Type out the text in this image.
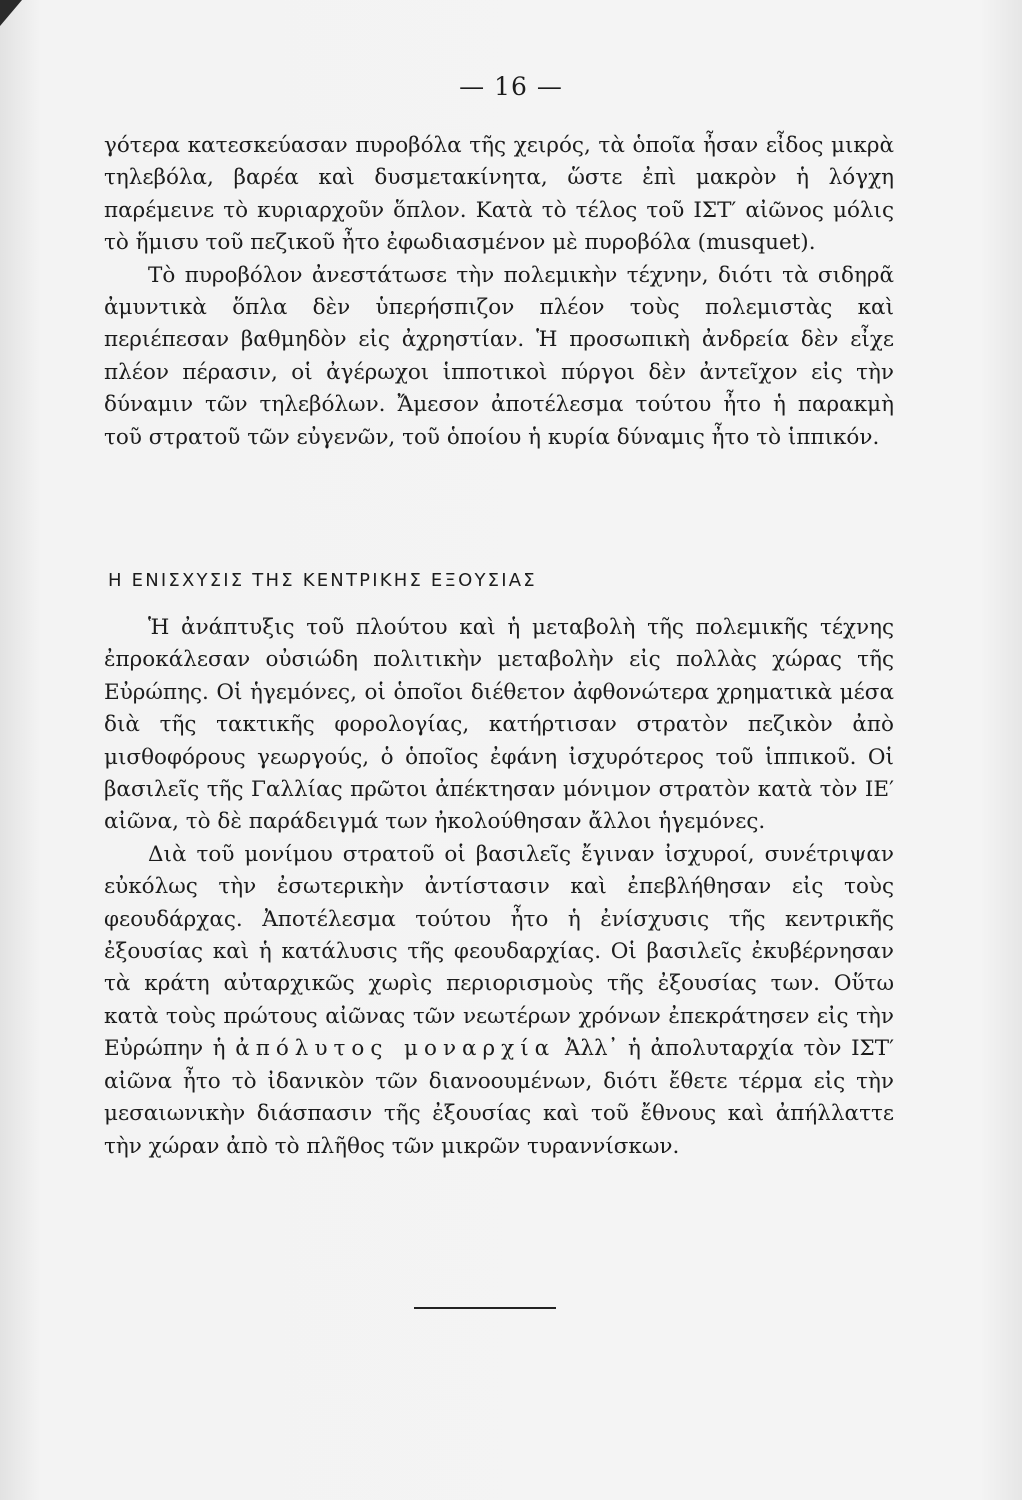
— 16 —

γότερα κατεσκεύασαν πυροβόλα τῆς χειρός, τὰ ὁποῖα ἦσαν εἶδος μικρὰ τηλεβόλα, βαρέα καὶ δυσμετακίνητα, ὥστε ἐπὶ μακρὸν ἡ λόγχη παρέμεινε τὸ κυριαρχοῦν ὅπλον. Κατὰ τὸ τέλος τοῦ ΙΣΤ′ αἰῶνος μόλις τὸ ἥμισυ τοῦ πεζικοῦ ἦτο ἐφωδιασμένον μὲ πυροβόλα (musquet).

Τὸ πυροβόλον ἀνεστάτωσε τὴν πολεμικὴν τέχνην, διότι τὰ σιδηρᾶ ἀμυντικὰ ὅπλα δὲν ὑπερήσπιζον πλέον τοὺς πολεμιστὰς καὶ περιέπεσαν βαθμηδὸν εἰς ἀχρηστίαν. Ἡ προσωπικὴ ἀνδρεία δὲν εἶχε πλέον πέρασιν, οἱ ἀγέρωχοι ἱπποτικοὶ πύργοι δὲν ἀντεῖχον εἰς τὴν δύναμιν τῶν τηλεβόλων. Ἄμεσον ἀποτέλεσμα τούτου ἦτο ἡ παρακμὴ τοῦ στρατοῦ τῶν εὐγενῶν, τοῦ ὁποίου ἡ κυρία δύναμις ἦτο τὸ ἱππικόν.

Η ΕΝΙΣΧΥΣΙΣ ΤΗΣ ΚΕΝΤΡΙΚΗΣ ΕΞΟΥΣΙΑΣ

Ἡ ἀνάπτυξις τοῦ πλούτου καὶ ἡ μεταβολὴ τῆς πολεμικῆς τέχνης ἐπροκάλεσαν οὐσιώδη πολιτικὴν μεταβολὴν εἰς πολλὰς χώρας τῆς Εὐρώπης. Οἱ ἡγεμόνες, οἱ ὁποῖοι διέθετον ἀφθονώτερα χρηματικὰ μέσα διὰ τῆς τακτικῆς φορολογίας, κατήρτισαν στρατὸν πεζικὸν ἀπὸ μισθοφόρους γεωργούς, ὁ ὁποῖος ἐφάνη ἰσχυρότερος τοῦ ἱππικοῦ. Οἱ βασιλεῖς τῆς Γαλλίας πρῶτοι ἀπέκτησαν μόνιμον στρατὸν κατὰ τὸν ΙΕ′ αἰῶνα, τὸ δὲ παράδειγμά των ἠκολούθησαν ἄλλοι ἡγεμόνες.

Διὰ τοῦ μονίμου στρατοῦ οἱ βασιλεῖς ἔγιναν ἰσχυροί, συνέτριψαν εὐκόλως τὴν ἐσωτερικὴν ἀντίστασιν καὶ ἐπεβλήθησαν εἰς τοὺς φεουδάρχας. Ἀποτέλεσμα τούτου ἦτο ἡ ἐνίσχυσις τῆς κεντρικῆς ἐξουσίας καὶ ἡ κατάλυσις τῆς φεουδαρχίας. Οἱ βασιλεῖς ἐκυβέρνησαν τὰ κράτη αὐταρχικῶς χωρὶς περιορισμοὺς τῆς ἐξουσίας των. Οὕτω κατὰ τοὺς πρώτους αἰῶνας τῶν νεωτέρων χρόνων ἐπεκράτησεν εἰς τὴν Εὐρώπην ἡ ἀπόλυτος μοναρχία Ἀλλ᾿ ἡ ἀπολυταρχία τὸν ΙΣΤ′ αἰῶνα ἦτο τὸ ἰδανικὸν τῶν διανοουμένων, διότι ἔθετε τέρμα εἰς τὴν μεσαιωνικὴν διάσπασιν τῆς ἐξουσίας καὶ τοῦ ἔθνους καὶ ἀπήλλαττε τὴν χώραν ἀπὸ τὸ πλῆθος τῶν μικρῶν τυραννίσκων.
